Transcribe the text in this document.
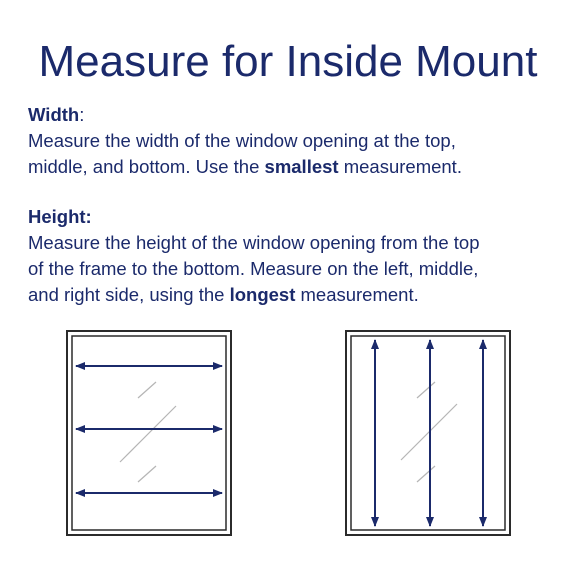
Measure for Inside Mount
Width:
Measure the width of the window opening at the top,
middle, and bottom. Use the smallest measurement.
Height:
Measure the height of the window opening from the top
of the frame to the bottom. Measure on the left, middle,
and right side, using the longest measurement.
